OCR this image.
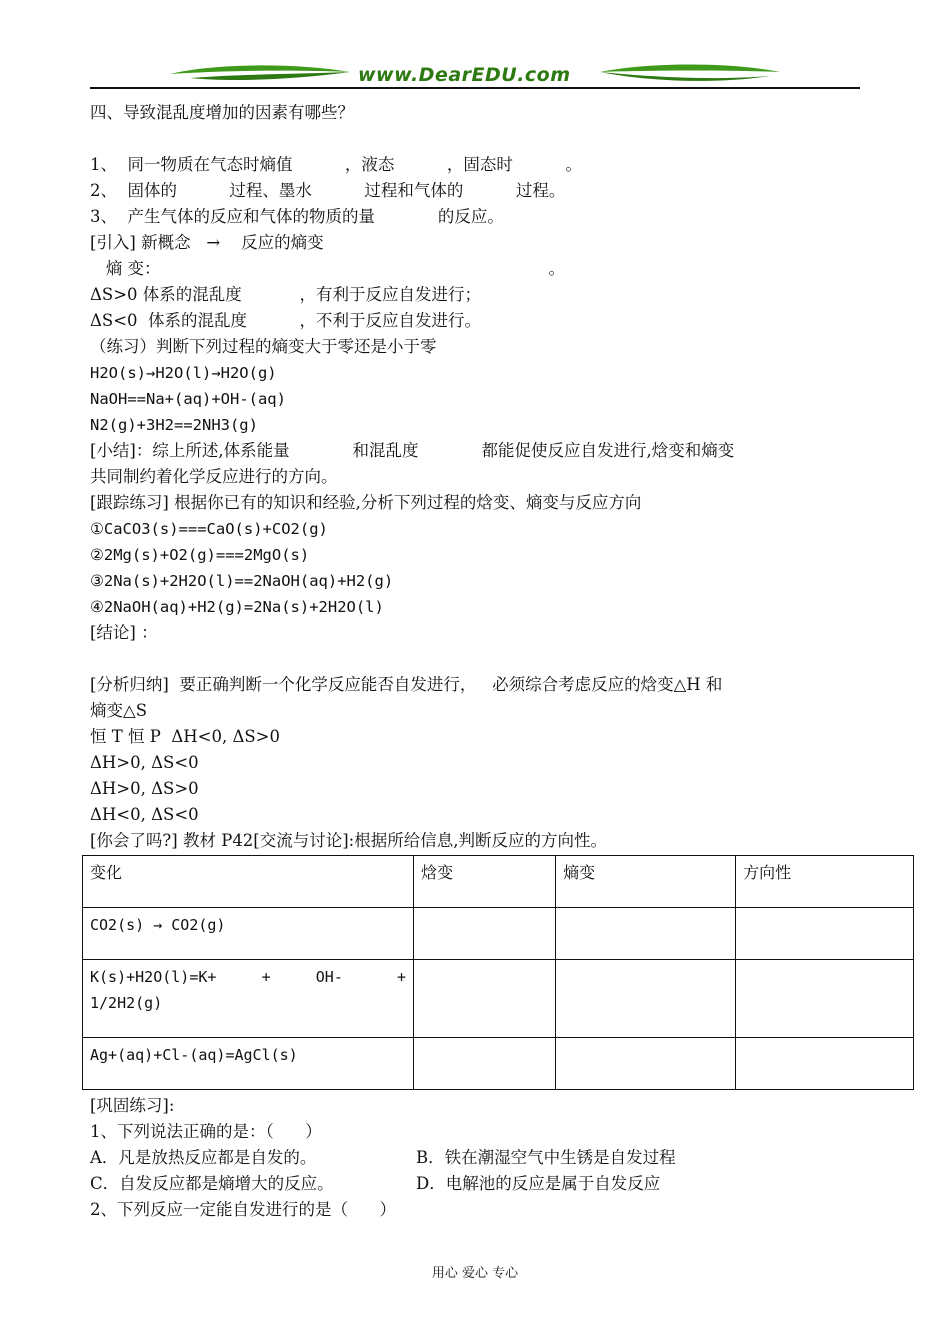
www.DearEDU.com
四、导致混乱度增加的因素有哪些？
1、  同一物质在气态时熵值          ，液态          ，固态时          。
2、  固体的          过程、墨水          过程和气体的          过程。
3、  产生气体的反应和气体的物质的量            的反应。
[引入] 新概念   →    反应的熵变
熵 变：                                                                          。
ΔS>0 体系的混乱度           ，有利于反应自发进行；
ΔS<0  体系的混乱度          ，不利于反应自发进行。
（练习）判断下列过程的熵变大于零还是小于零
H2O(s)→H2O(l)→H2O(g)
NaOH==Na+(aq)+OH-(aq)
N2(g)+3H2==2NH3(g)
[小结]：综上所述,体系能量            和混乱度            都能促使反应自发进行,焓变和熵变
共同制约着化学反应进行的方向。
[跟踪练习] 根据你已有的知识和经验,分析下列过程的焓变、熵变与反应方向
①CaCO3(s)===CaO(s)+CO2(g)
②2Mg(s)+O2(g)===2MgO(s)
③2Na(s)+2H2O(l)==2NaOH(aq)+H2(g)
④2NaOH(aq)+H2(g)=2Na(s)+2H2O(l)
[结论] ：
[分析归纳]  要正确判断一个化学反应能否自发进行，   必须综合考虑反应的焓变△H 和
熵变△S
恒 T 恒 P  ΔH<0, ΔS>0
ΔH>0, ΔS<0
ΔH>0, ΔS>0
ΔH<0, ΔS<0
[你会了吗?] 教材 P42[交流与讨论]:根据所给信息,判断反应的方向性。
变化	焓变	熵变	方向性
CO2(s) → CO2(g)			

K(s)+H2O(l)=K+     +     OH-      +
1/2H2(g)			

Ag+(aq)+Cl-(aq)=AgCl(s)			
[巩固练习]:
1、下列说法正确的是：（      ）
A．凡是放热反应都是自发的。	B．铁在潮湿空气中生锈是自发过程
C．自发反应都是熵增大的反应。	D．电解池的反应是属于自发反应
2、下列反应一定能自发进行的是（      ）
用心 爱心 专心
